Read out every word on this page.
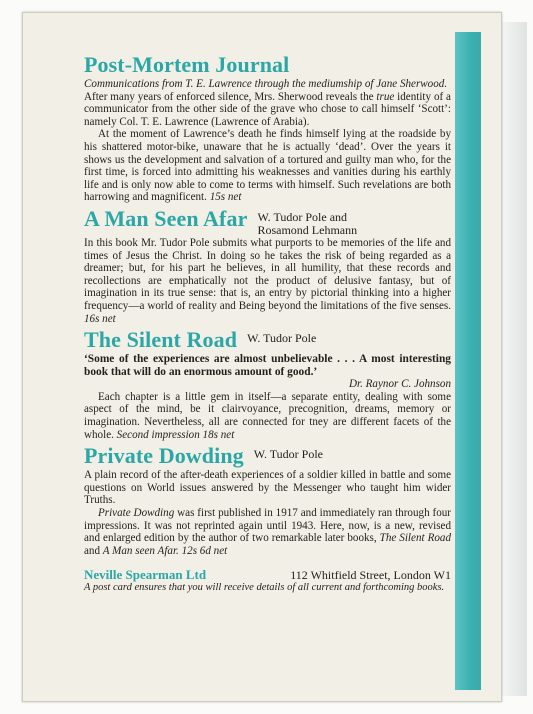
Post-Mortem Journal

Communications from T. E. Lawrence through the mediumship of Jane Sherwood.

After many years of enforced silence, Mrs. Sherwood reveals the true identity of a communicator from the other side of the grave who chose to call himself ‘Scott’: namely Col. T. E. Lawrence (Lawrence of Arabia).

At the moment of Lawrence’s death he finds himself lying at the roadside by his shattered motor-bike, unaware that he is actually ‘dead’. Over the years it shows us the development and salvation of a tortured and guilty man who, for the first time, is forced into admitting his weaknesses and vanities during his earthly life and is only now able to come to terms with himself. Such revelations are both harrowing and magnificent. 15s net

A Man Seen Afar W. Tudor Pole and
Rosamond Lehmann

In this book Mr. Tudor Pole submits what purports to be memories of the life and times of Jesus the Christ. In doing so he takes the risk of being regarded as a dreamer; but, for his part he believes, in all humility, that these records and recollections are emphatically not the product of delusive fantasy, but of imagination in its true sense: that is, an entry by pictorial thinking into a higher frequency—a world of reality and Being beyond the limitations of the five senses. 16s net

The Silent Road W. Tudor Pole

‘Some of the experiences are almost unbelievable . . . A most interesting book that will do an enormous amount of good.’

Dr. Raynor C. Johnson

Each chapter is a little gem in itself—a separate entity, dealing with some aspect of the mind, be it clairvoyance, precognition, dreams, memory or imagination. Nevertheless, all are connected for tney are different facets of the whole. Second impression 18s net

Private Dowding W. Tudor Pole

A plain record of the after-death experiences of a soldier killed in battle and some questions on World issues answered by the Messenger who taught him wider Truths.

Private Dowding was first published in 1917 and immediately ran through four impressions. It was not reprinted again until 1943. Here, now, is a new, revised and enlarged edition by the author of two remarkable later books, The Silent Road and A Man seen Afar. 12s 6d net

Neville Spearman Ltd	112 Whitfield Street, London W1

A post card ensures that you will receive details of all current and forthcoming books.
